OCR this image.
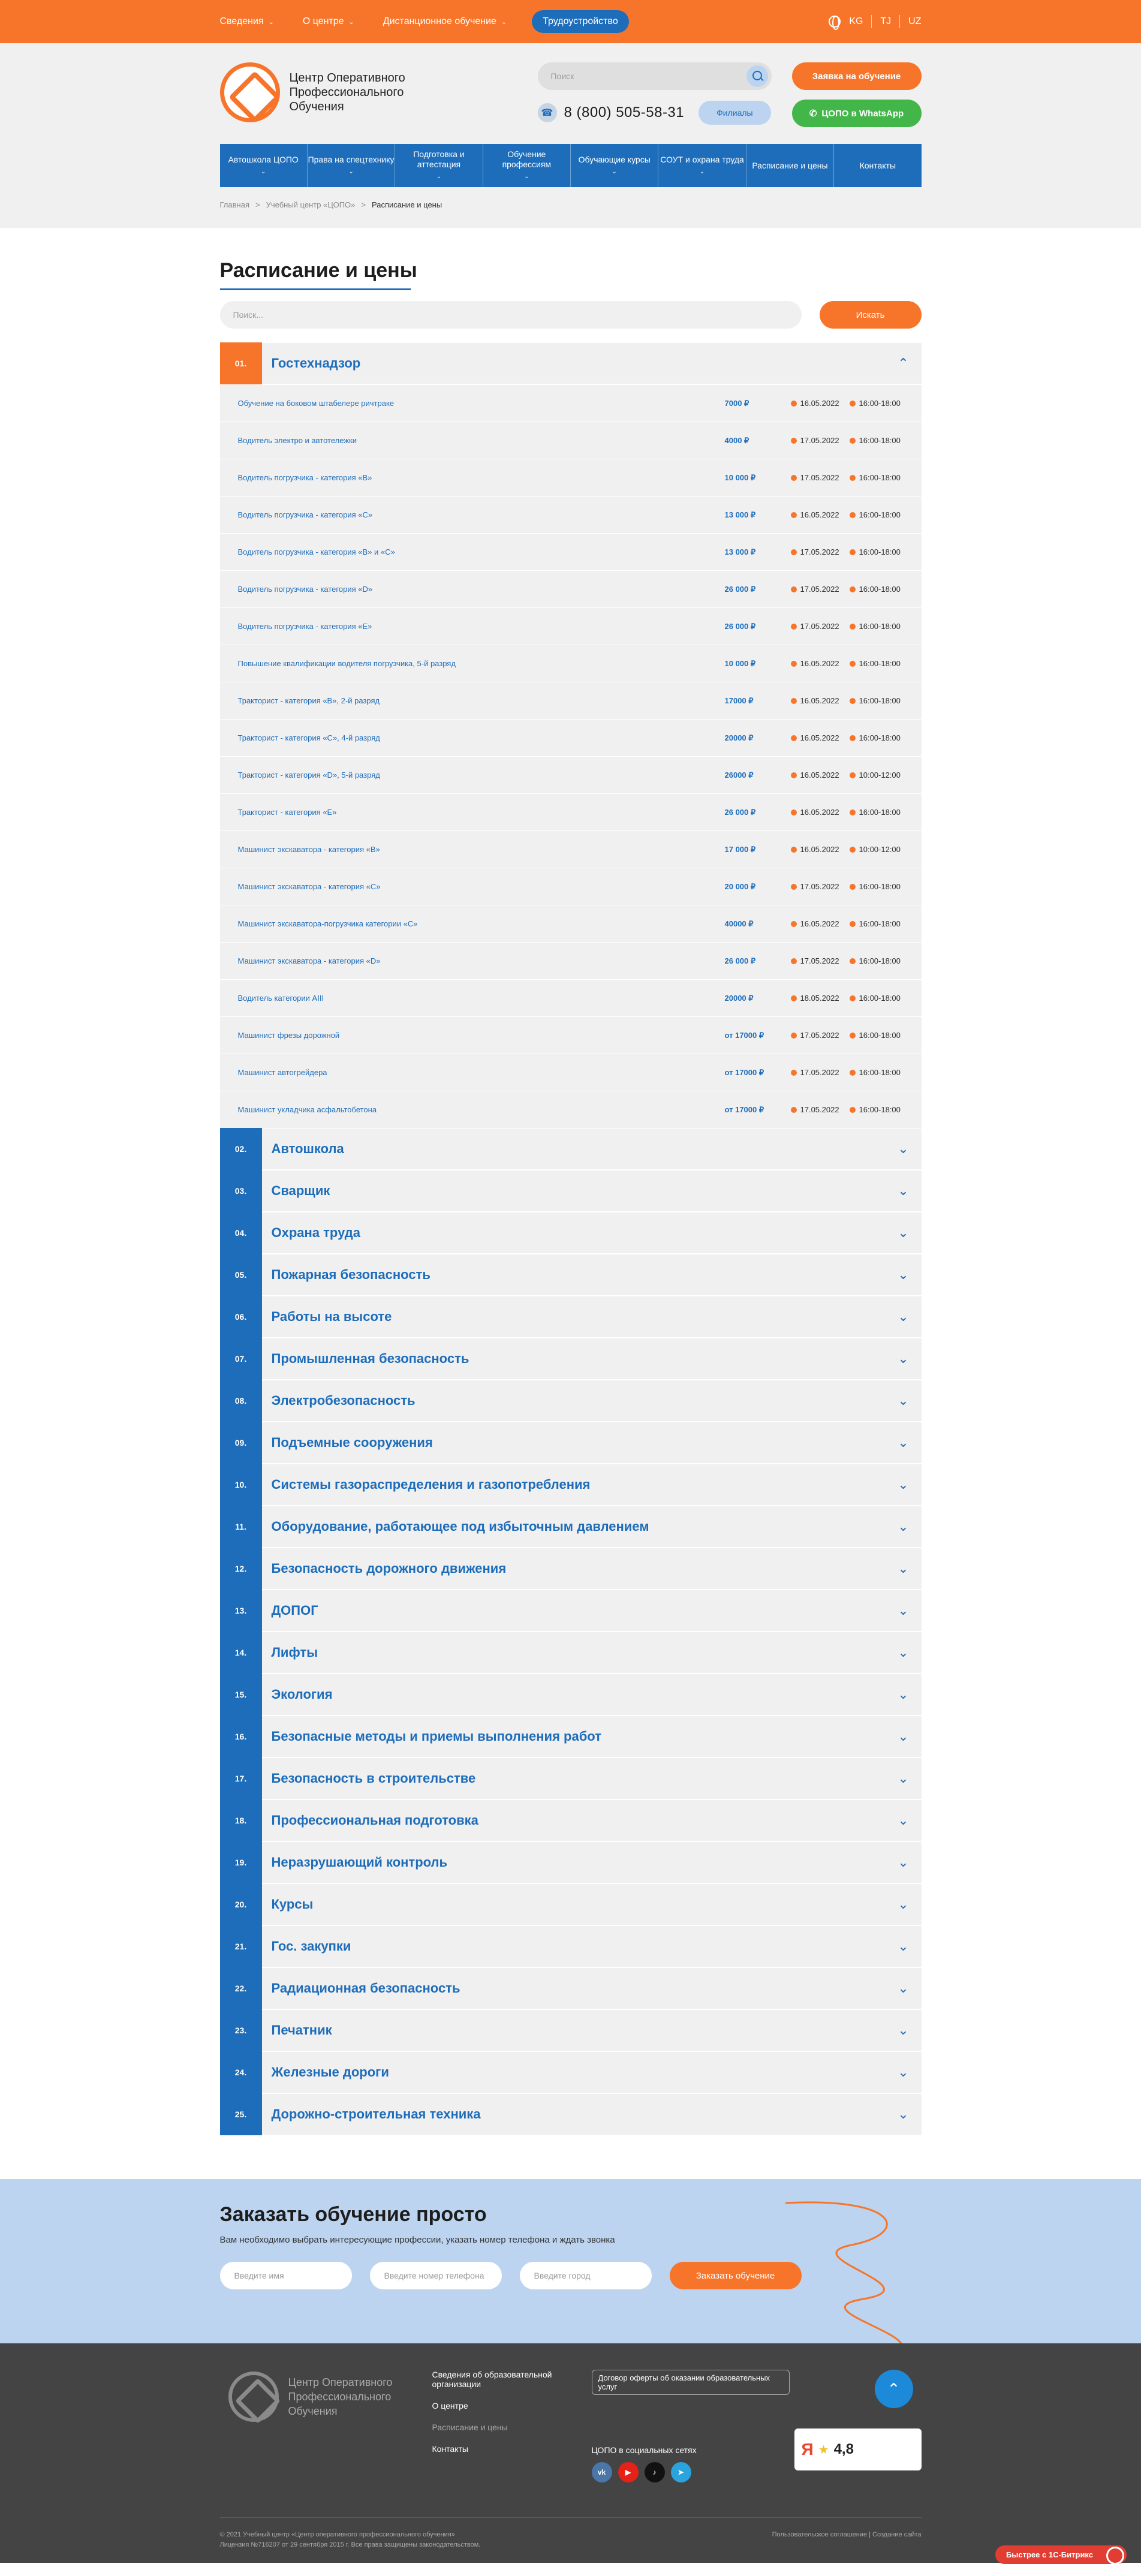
Сведения ⌄	О центре ⌄	Дистанционное обучение ⌄	Трудоустройство	KG TJ UZ
Центр Оперативного
Профессионального
Обучения
Поиск
☎ 8 (800) 505-58-31	Филиалы
Заявка на обучение
✆ ЦОПО в WhatsApp
Автошкола ЦОПО
⌄
Права на спецтехнику
⌄
Подготовка и аттестация
⌄
Обучение профессиям
⌄
Обучающие курсы
⌄
СОУТ и охрана труда
⌄
Расписание и цены	Контакты
Главная > Учебный центр «ЦОПО» > Расписание и цены
Расписание и цены
Поиск...	Искать
01.	Гостехнадзор	⌃
Обучение на боковом штабелере ричтраке	7000 ₽	16.05.2022	16:00-18:00
Водитель электро и автотележки	4000 ₽	17.05.2022	16:00-18:00
Водитель погрузчика - категория «В»	10 000 ₽	17.05.2022	16:00-18:00
Водитель погрузчика - категория «С»	13 000 ₽	16.05.2022	16:00-18:00
Водитель погрузчика - категория «В» и «С»	13 000 ₽	17.05.2022	16:00-18:00
Водитель погрузчика - категория «D»	26 000 ₽	17.05.2022	16:00-18:00
Водитель погрузчика - категория «Е»	26 000 ₽	17.05.2022	16:00-18:00
Повышение квалификации водителя погрузчика, 5-й разряд	10 000 ₽	16.05.2022	16:00-18:00
Тракторист - категория «В», 2-й разряд	17000 ₽	16.05.2022	16:00-18:00
Тракторист - категория «С», 4-й разряд	20000 ₽	16.05.2022	16:00-18:00
Тракторист - категория «D», 5-й разряд	26000 ₽	16.05.2022	10:00-12:00
Тракторист - категория «Е»	26 000 ₽	16.05.2022	16:00-18:00
Машинист экскаватора - категория «В»	17 000 ₽	16.05.2022	10:00-12:00
Машинист экскаватора - категория «С»	20 000 ₽	17.05.2022	16:00-18:00
Машинист экскаватора-погрузчика категории «С»	40000 ₽	16.05.2022	16:00-18:00
Машинист экскаватора - категория «D»	26 000 ₽	17.05.2022	16:00-18:00
Водитель категории AIII	20000 ₽	18.05.2022	16:00-18:00
Машинист фрезы дорожной	от 17000 ₽	17.05.2022	16:00-18:00
Машинист автогрейдера	от 17000 ₽	17.05.2022	16:00-18:00
Машинист укладчика асфальтобетона	от 17000 ₽	17.05.2022	16:00-18:00
02.	Автошкола	⌄
03.	Сварщик	⌄
04.	Охрана труда	⌄
05.	Пожарная безопасность	⌄
06.	Работы на высоте	⌄
07.	Промышленная безопасность	⌄
08.	Электробезопасность	⌄
09.	Подъемные сооружения	⌄
10.	Системы газораспределения и газопотребления	⌄
11.	Оборудование, работающее под избыточным давлением	⌄
12.	Безопасность дорожного движения	⌄
13.	ДОПОГ	⌄
14.	Лифты	⌄
15.	Экология	⌄
16.	Безопасные методы и приемы выполнения работ	⌄
17.	Безопасность в строительстве	⌄
18.	Профессиональная подготовка	⌄
19.	Неразрушающий контроль	⌄
20.	Курсы	⌄
21.	Гос. закупки	⌄
22.	Радиационная безопасность	⌄
23.	Печатник	⌄
24.	Железные дороги	⌄
25.	Дорожно-строительная техника	⌄
Заказать обучение просто

Вам необходимо выбрать интересующие профессии, указать номер телефона и ждать звонка

Введите имя	Введите номер телефона	Введите город	Заказать обучение
Центр Оперативного
Профессионального
Обучения
Сведения об образовательной организации
О центре
Расписание и цены
Контакты
Договор оферты об оказании образовательных услуг
ЦОПО в социальных сетях
vk	▶	♪	➤
⌃
Я ★ 4,8
© 2021 Учебный центр «Центр оперативного профессионального обучения»
Лицензия №716207 от 29 сентября 2015 г. Все права защищены законодательством.
Пользовательское соглашение | Создание сайта
Быстрее с 1С-Битрикс
